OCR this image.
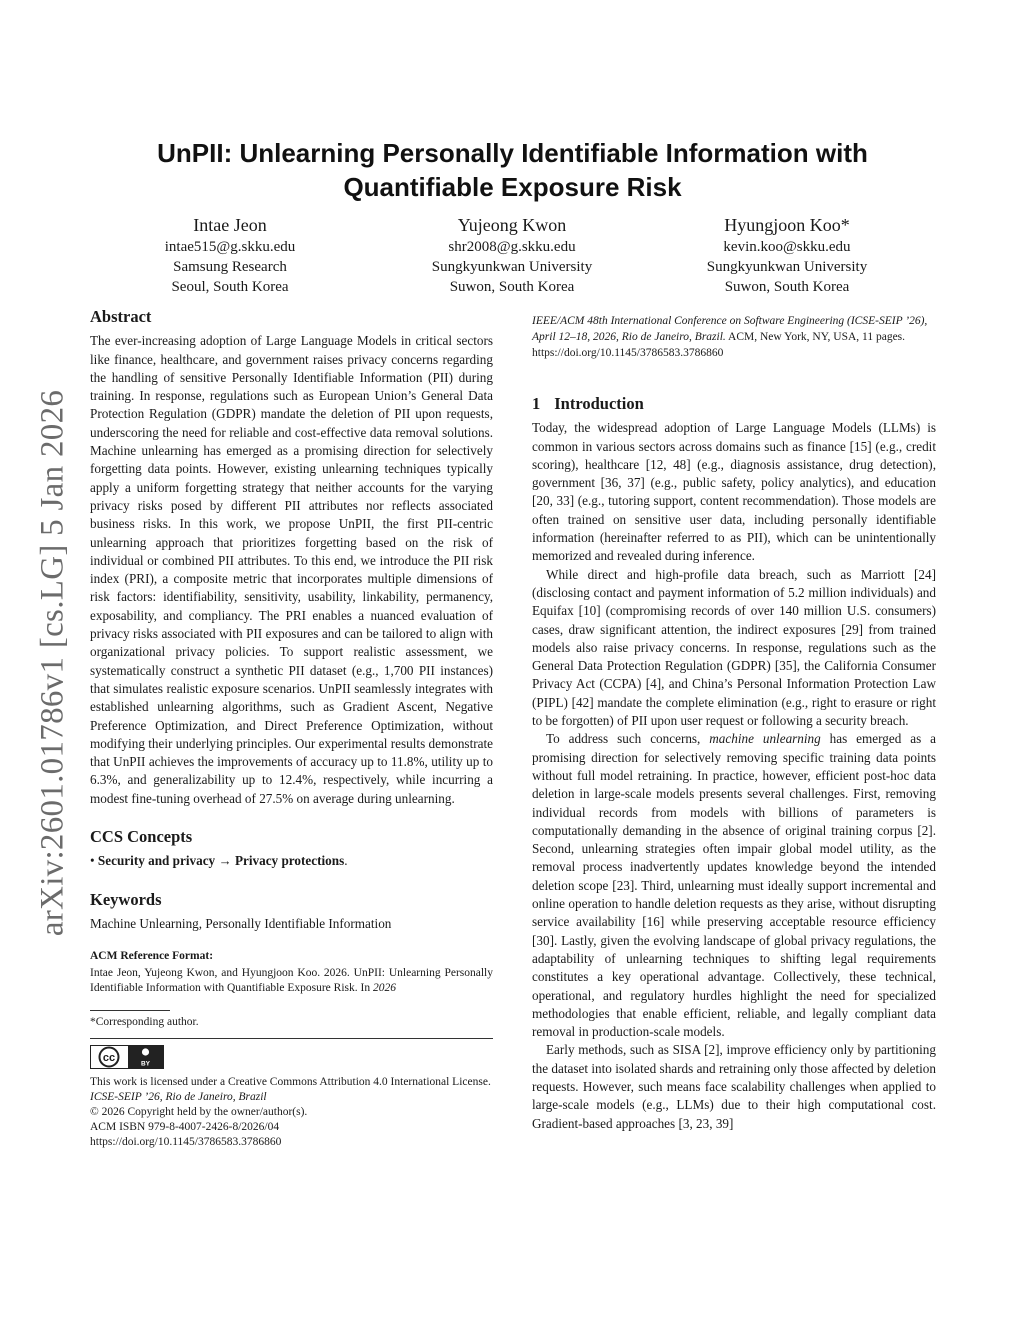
arXiv:2601.01786v1 [cs.LG] 5 Jan 2026
UnPII: Unlearning Personally Identifiable Information with
Quantifiable Exposure Risk
Intae Jeon
intae515@g.skku.edu
Samsung Research
Seoul, South Korea
Yujeong Kwon
shr2008@g.skku.edu
Sungkyunkwan University
Suwon, South Korea
Hyungjoon Koo*
kevin.koo@skku.edu
Sungkyunkwan University
Suwon, South Korea
Abstract

The ever-increasing adoption of Large Language Models in critical sectors like finance, healthcare, and government raises privacy concerns regarding the handling of sensitive Personally Identifiable Information (PII) during training. In response, regulations such as European Union’s General Data Protection Regulation (GDPR) mandate the deletion of PII upon requests, underscoring the need for reliable and cost-effective data removal solutions. Machine unlearning has emerged as a promising direction for selectively forgetting data points. However, existing unlearning techniques typically apply a uniform forgetting strategy that neither accounts for the varying privacy risks posed by different PII attributes nor reflects associated business risks. In this work, we propose UnPII, the first PII-centric unlearning approach that prioritizes forgetting based on the risk of individual or combined PII attributes. To this end, we introduce the PII risk index (PRI), a composite metric that incorporates multiple dimensions of risk factors: identifiability, sensitivity, usability, linkability, permanency, exposability, and compliancy. The PRI enables a nuanced evaluation of privacy risks associated with PII exposures and can be tailored to align with organizational privacy policies. To support realistic assessment, we systematically construct a synthetic PII dataset (e.g., 1,700 PII instances) that simulates realistic exposure scenarios. UnPII seamlessly integrates with established unlearning algorithms, such as Gradient Ascent, Negative Preference Optimization, and Direct Preference Optimization, without modifying their underlying principles. Our experimental results demonstrate that UnPII achieves the improvements of accuracy up to 11.8%, utility up to 6.3%, and generalizability up to 12.4%, respectively, while incurring a modest fine-tuning overhead of 27.5% on average during unlearning.

CCS Concepts

• Security and privacy → Privacy protections.

Keywords

Machine Unlearning, Personally Identifiable Information

ACM Reference Format:

Intae Jeon, Yujeong Kwon, and Hyungjoon Koo. 2026. UnPII: Unlearning Personally Identifiable Information with Quantifiable Exposure Risk. In 2026

*Corresponding author.

cc	BY
This work is licensed under a Creative Commons Attribution 4.0 International License.
ICSE-SEIP ’26, Rio de Janeiro, Brazil
© 2026 Copyright held by the owner/author(s).
ACM ISBN 979-8-4007-2426-8/2026/04
https://doi.org/10.1145/3786583.3786860

IEEE/ACM 48th International Conference on Software Engineering (ICSE-SEIP ’26), April 12–18, 2026, Rio de Janeiro, Brazil. ACM, New York, NY, USA, 11 pages. https://doi.org/10.1145/3786583.3786860

1 Introduction

Today, the widespread adoption of Large Language Models (LLMs) is common in various sectors across domains such as finance [15] (e.g., credit scoring), healthcare [12, 48] (e.g., diagnosis assistance, drug detection), government [36, 37] (e.g., public safety, policy analytics), and education [20, 33] (e.g., tutoring support, content recommendation). Those models are often trained on sensitive user data, including personally identifiable information (hereinafter referred to as PII), which can be unintentionally memorized and revealed during inference.

While direct and high-profile data breach, such as Marriott [24] (disclosing contact and payment information of 5.2 million individuals) and Equifax [10] (compromising records of over 140 million U.S. consumers) cases, draw significant attention, the indirect exposures [29] from trained models also raise privacy concerns. In response, regulations such as the General Data Protection Regulation (GDPR) [35], the California Consumer Privacy Act (CCPA) [4], and China’s Personal Information Protection Law (PIPL) [42] mandate the complete elimination (e.g., right to erasure or right to be forgotten) of PII upon user request or following a security breach.

To address such concerns, machine unlearning has emerged as a promising direction for selectively removing specific training data points without full model retraining. In practice, however, efficient post-hoc data deletion in large-scale models presents several challenges. First, removing individual records from models with billions of parameters is computationally demanding in the absence of original training corpus [2]. Second, unlearning strategies often impair global model utility, as the removal process inadvertently updates knowledge beyond the intended deletion scope [23]. Third, unlearning must ideally support incremental and online operation to handle deletion requests as they arise, without disrupting service availability [16] while preserving acceptable resource efficiency [30]. Lastly, given the evolving landscape of global privacy regulations, the adaptability of unlearning techniques to shifting legal requirements constitutes a key operational advantage. Collectively, these technical, operational, and regulatory hurdles highlight the need for specialized methodologies that enable efficient, reliable, and legally compliant data removal in production-scale models.

Early methods, such as SISA [2], improve efficiency only by partitioning the dataset into isolated shards and retraining only those affected by deletion requests. However, such means face scalability challenges when applied to large-scale models (e.g., LLMs) due to their high computational cost. Gradient-based approaches [3, 23, 39]
